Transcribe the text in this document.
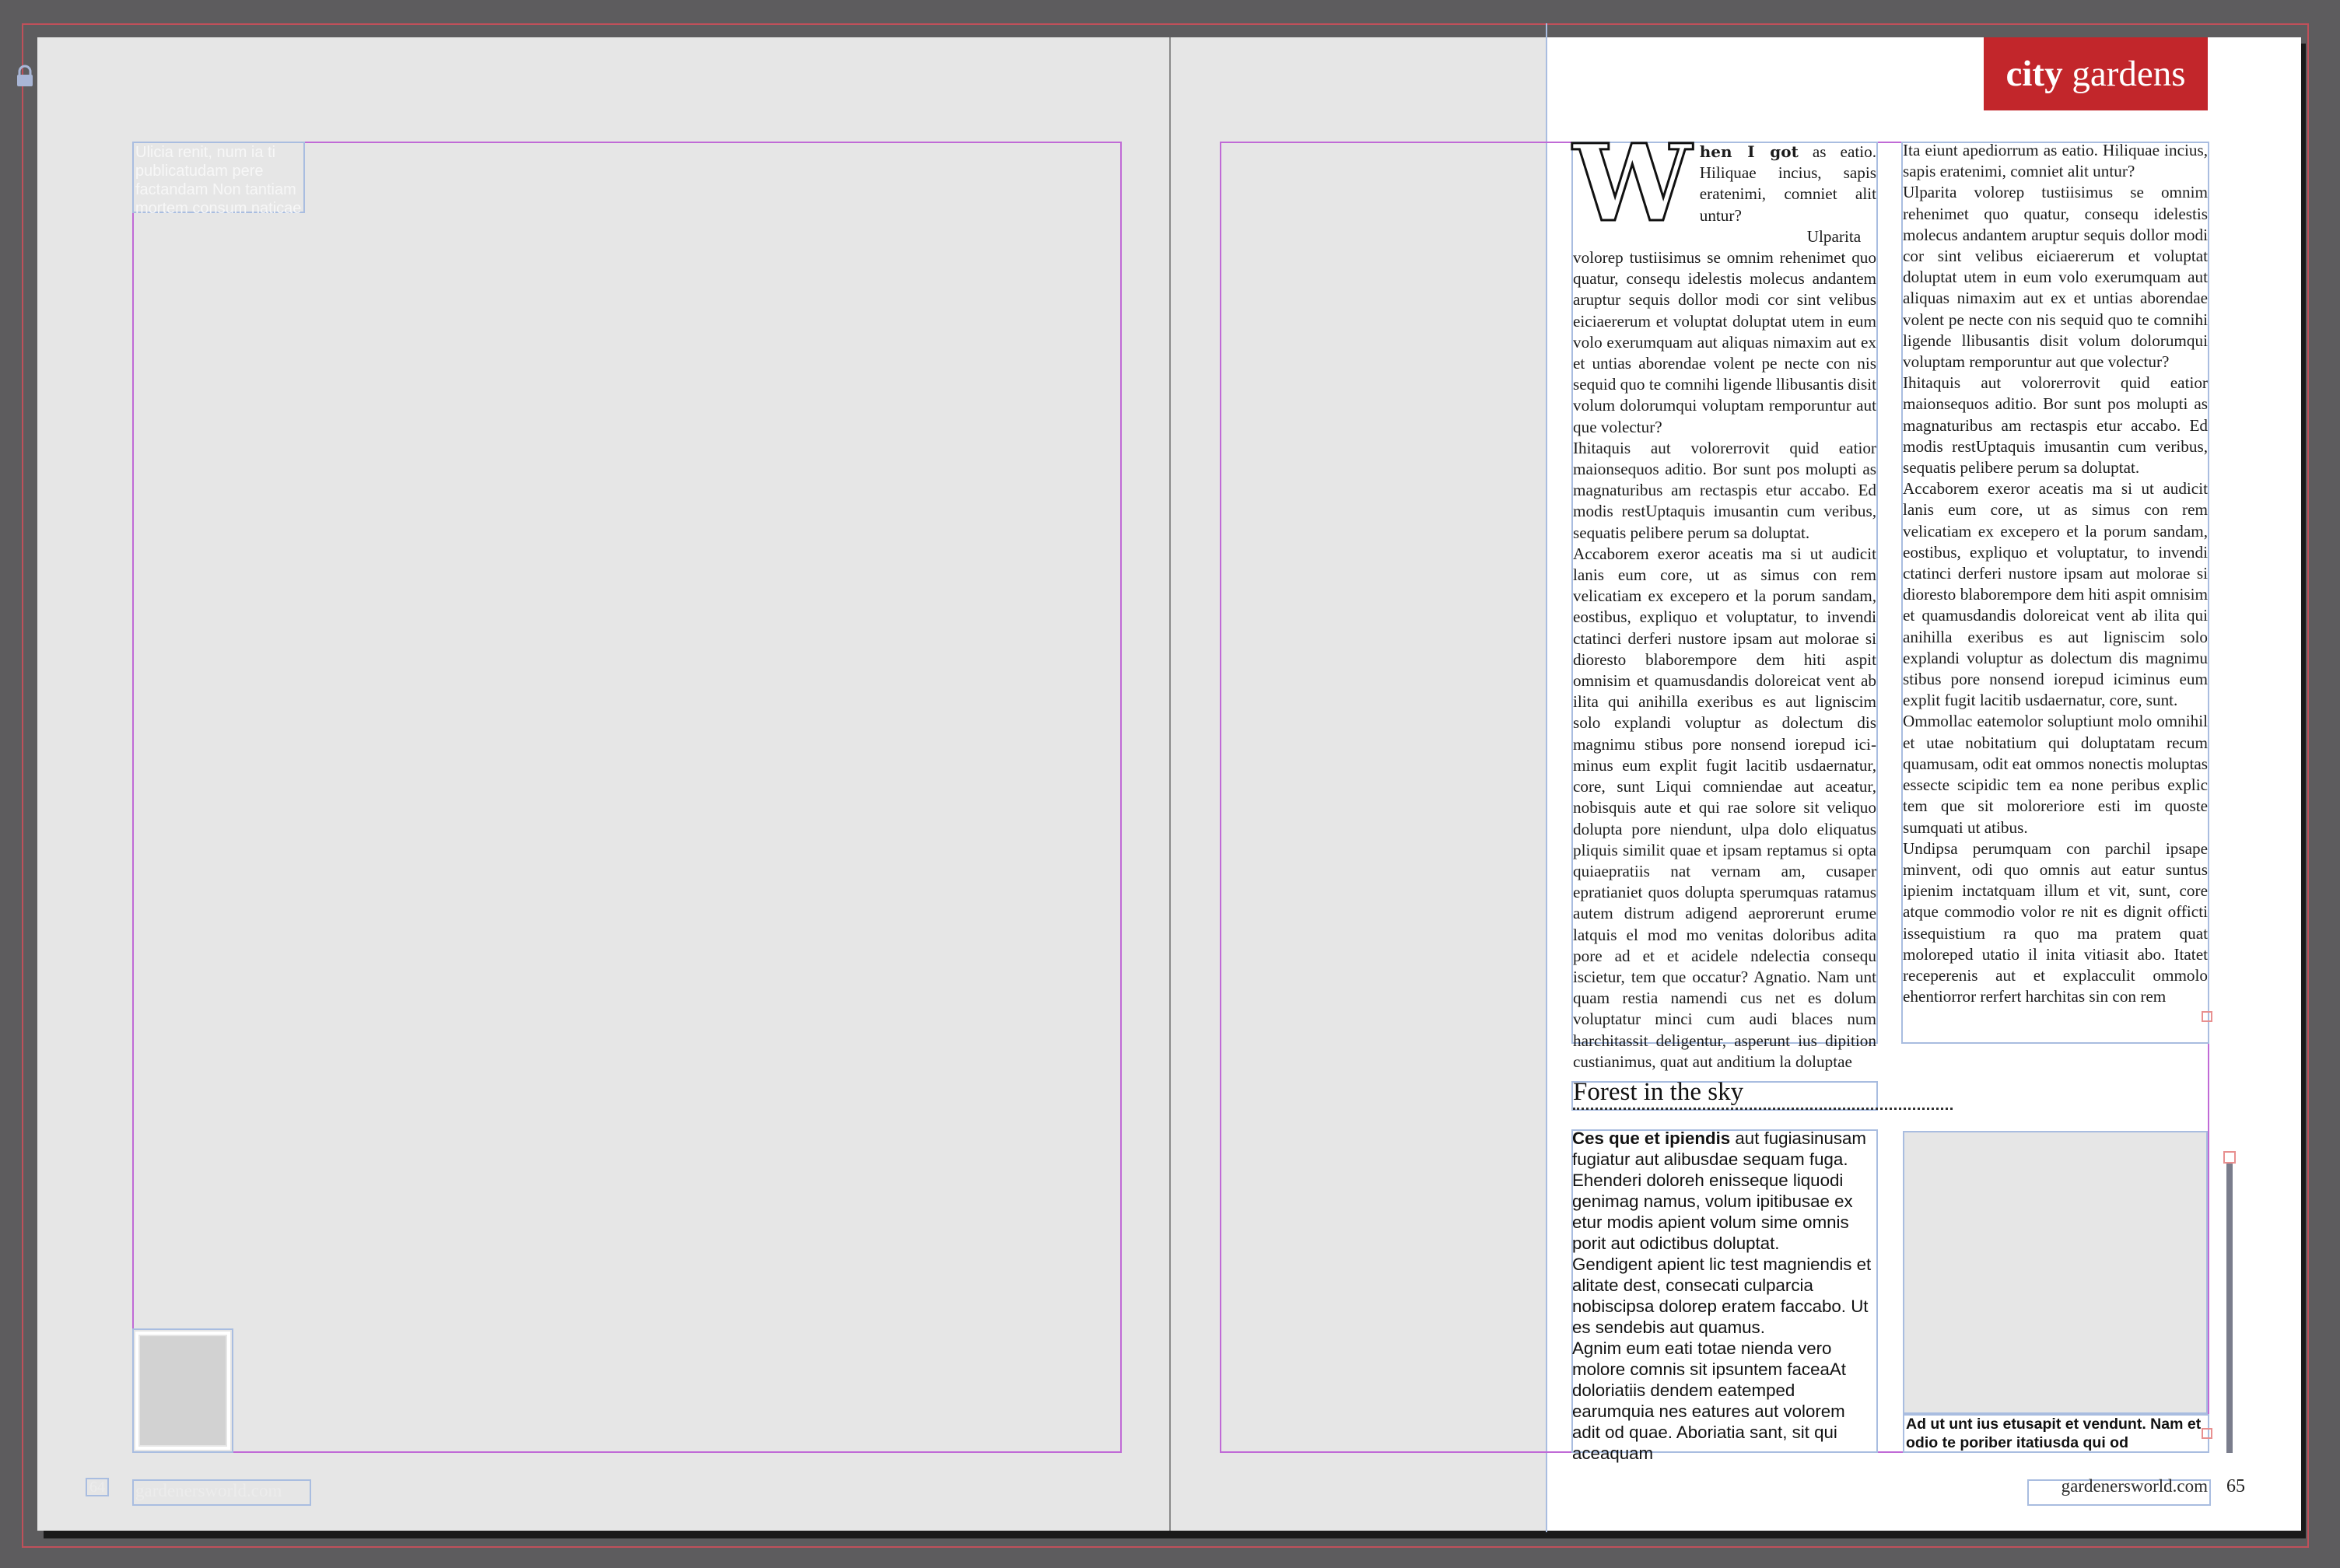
Ulicia renit, num ia ti
publicatudam pere
factandam Non tantiam
mortem consum naticae
64 gardenersworld.com
city gardens
W hen I got as eatio. Hiliquae incius, sapis eratenimi, comniet alit untur?

Ulparita volorep tustiisimus se omnim rehenimet quo quatur, consequ idelestis molecus andantem aruptur sequis dollor modi cor sint velibus eiciaererum et voluptat doluptat utem in eum volo exerumquam aut aliquas nimaxim aut ex et untias aborendae volent pe necte con nis sequid quo te comnihi ligende llibusantis disit volum dolorumqui voluptam remporuntur aut que volectur?

Ihitaquis aut volorerrovit quid eatior maionsequos aditio. Bor sunt pos molupti as magnaturibus am rectaspis etur accabo. Ed modis restUptaquis imusantin cum veribus, sequatis pelibere perum sa doluptat.

Accaborem exeror aceatis ma si ut audicit lanis eum core, ut as simus con rem velicatiam ex excepero et la porum sandam, eostibus, expliquo et voluptatur, to invendi ctatinci derferi nustore ipsam aut molorae si dioresto blaborempore dem hiti aspit omnisim et quamusdandis doloreicat vent ab ilita qui anihilla exeribus es aut ligniscim solo explandi voluptur as dolectum dis magnimu stibus pore nonsend iorepud iciminus eum explit fugit lacitib usdaernatur, core, sunt Liqui comniendae aut aceatur, nobisquis aute et qui rae solore sit veliquo dolupta pore niendunt, ulpa dolo eliquatus pliquis similit quae et ipsam reptamus si opta quiaepratiis nat vernam am, cusaper epratianiet quos dolupta sperumquas ratamus autem distrum adigend aeprorerunt erume latquis el mod mo venitas doloribus adita pore ad et et acidele ndelectia consequ iscietur, tem que occatur? Agnatio. Nam unt quam restia namendi cus net es dolum voluptatur minci cum audi blaces num harchitassit deligentur, asperunt ius dipition custianimus, quat aut anditium la doluptae

Ita eiunt apediorrum as eatio. Hiliquae incius, sapis eratenimi, comniet alit untur?

Ulparita volorep tustiisimus se omnim rehenimet quo quatur, consequ idelestis molecus andantem aruptur sequis dollor modi cor sint velibus eiciaererum et voluptat doluptat utem in eum volo exerumquam aut aliquas nimaxim aut ex et untias aborendae volent pe necte con nis sequid quo te comnihi ligende llibusantis disit volum dolorumqui voluptam remporuntur aut que volectur?

Ihitaquis aut volorerrovit quid eatior maionsequos aditio. Bor sunt pos molupti as magnaturibus am rectaspis etur accabo. Ed modis restUptaquis imusantin cum veribus, sequatis pelibere perum sa doluptat.

Accaborem exeror aceatis ma si ut audicit lanis eum core, ut as simus con rem velicatiam ex excepero et la porum sandam, eostibus, expliquo et voluptatur, to invendi ctatinci derferi nustore ipsam aut molorae si dioresto blaborempore dem hiti aspit omnisim et quamusdandis doloreicat vent ab ilita qui anihilla exeribus es aut ligniscim solo explandi voluptur as dolectum dis magnimu stibus pore nonsend iorepud iciminus eum explit fugit lacitib usdaernatur, core, sunt.

Ommollac eatemolor soluptiunt molo omnihil et utae nobitatium qui doluptatam recum quamusam, odit eat ommos nonectis moluptas essecte scipidic tem ea none peribus explic tem que sit moloreriore esti im quoste sumquati ut atibus.

Undipsa perumquam con parchil ipsape minvent, odi quo omnis aut eatur suntus ipienim inctatquam illum et vit, sunt, core atque commodio volor re nit es dignit officti issequistium ra quo ma pratem quat moloreped utatio il inita vitiasit abo. Itatet receperenis aut et explacculit ommolo ehentiorror rerfert harchitas sin con rem

Forest in the sky

Ces que et ipiendis aut fugiasinusam fugiatur aut alibusdae sequam fuga. Ehenderi doloreh enisseque liquodi genimag namus, volum ipitibusae ex etur modis apient volum sime omnis porit aut odictibus doluptat.

Gendigent apient lic test magniendis et alitate dest, consecati culparcia nobiscipsa dolorep eratem faccabo. Ut es sendebis aut quamus.

Agnim eum eati totae nienda vero molore comnis sit ipsuntem faceaAt doloriatiis dendem eatemped earumquia nes eatures aut volorem adit od quae. Aboriatia sant, sit qui aceaquam

Ad ut unt ius etusapit et vendunt. Nam et odio te poriber itatiusda qui od
gardenersworld.com 65
